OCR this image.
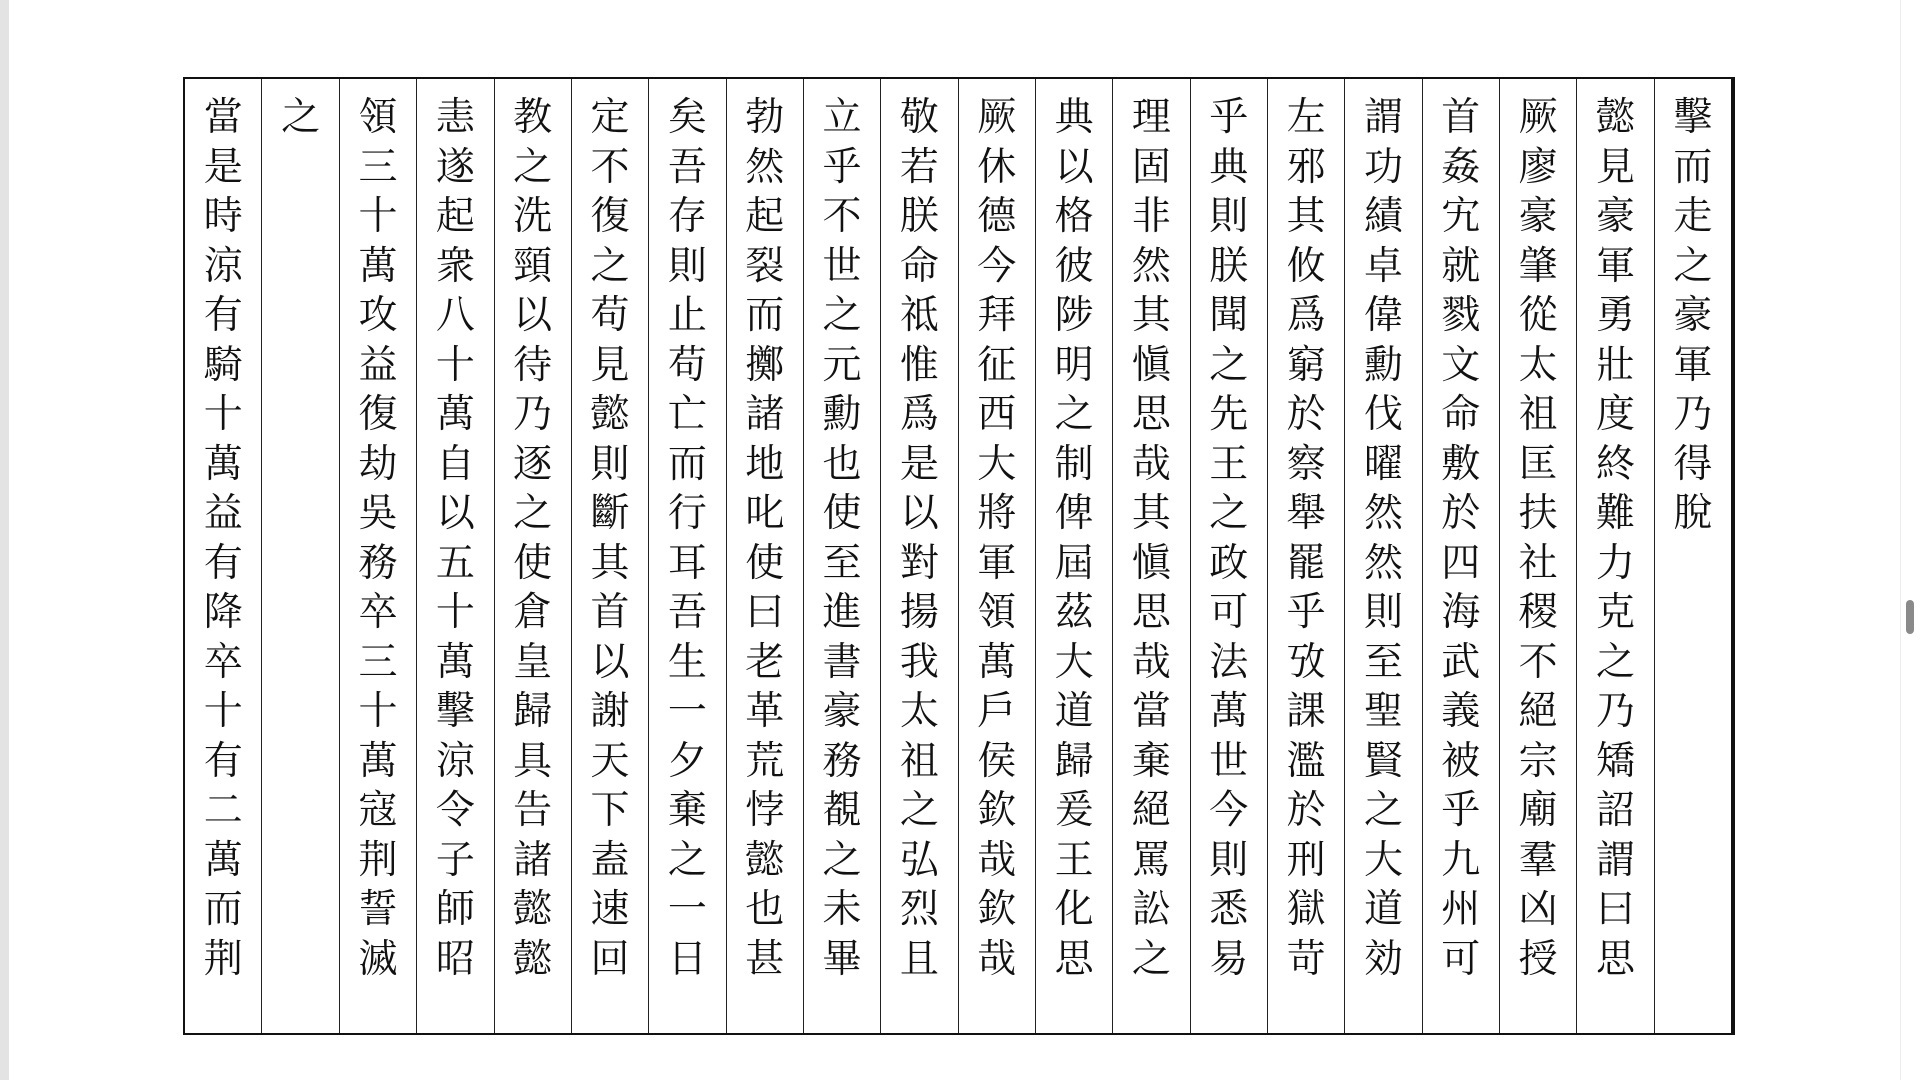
擊
而
走
之
豪
軍
乃
得
脫
懿
見
豪
軍
勇
壯
度
終
難
力
克
之
乃
矯
詔
謂
曰
思
厥
廖
豪
肇
從
太
祖
匡
扶
社
稷
不
絕
宗
廟
羣
凶
授
首
姦
宄
就
戮
文
命
敷
於
四
海
武
義
被
乎
九
州
可
謂
功
績
卓
偉
勳
伐
曜
然
然
則
至
聖
賢
之
大
道
効
左
邪
其
攸
爲
窮
於
察
舉
罷
乎
攷
課
濫
於
刑
獄
苛
乎
典
則
朕
聞
之
先
王
之
政
可
法
萬
世
今
則
悉
易
理
固
非
然
其
愼
思
哉
其
愼
思
哉
當
棄
絕
罵
訟
之
典
以
格
彼
陟
明
之
制
俾
屆
茲
大
道
歸
爰
王
化
思
厥
休
德
今
拜
征
西
大
將
軍
領
萬
戶
侯
欽
哉
欽
哉
敬
若
朕
命
祗
惟
爲
是
以
對
揚
我
太
祖
之
弘
烈
且
立
乎
不
世
之
元
勳
也
使
至
進
書
豪
務
覩
之
未
畢
勃
然
起
裂
而
擲
諸
地
叱
使
曰
老
革
荒
悖
懿
也
甚
矣
吾
存
則
止
苟
亡
而
行
耳
吾
生
一
夕
棄
之
一
日
定
不
復
之
苟
見
懿
則
斷
其
首
以
謝
天
下
盍
速
回
教
之
洗
頸
以
待
乃
逐
之
使
倉
皇
歸
具
告
諸
懿
懿
恚
遂
起
衆
八
十
萬
自
以
五
十
萬
擊
涼
令
子
師
昭
領
三
十
萬
攻
益
復
劫
吳
務
卒
三
十
萬
寇
荆
誓
滅
之
當
是
時
涼
有
騎
十
萬
益
有
降
卒
十
有
二
萬
而
荆
